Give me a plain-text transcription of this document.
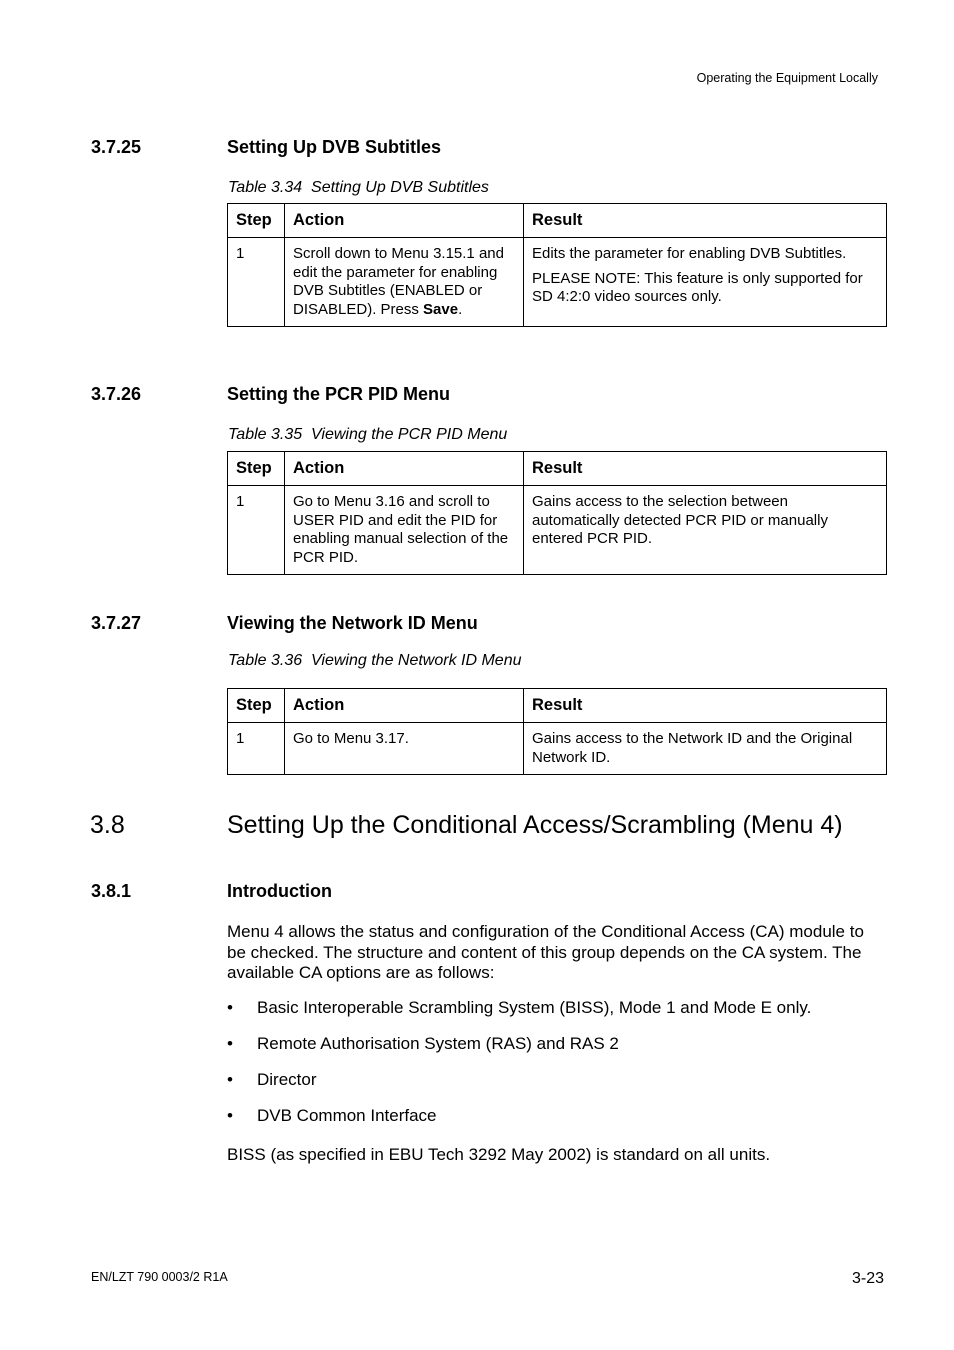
Operating the Equipment Locally
3.7.25	Setting Up DVB Subtitles
Table 3.34 Setting Up DVB Subtitles
Step	Action	Result
1	Scroll down to Menu 3.15.1 and edit the parameter for enabling DVB Subtitles (ENABLED or DISABLED). Press Save.	Edits the parameter for enabling DVB Subtitles.

PLEASE NOTE: This feature is only supported for SD 4:2:0 video sources only.

3.7.26	Setting the PCR PID Menu
Table 3.35 Viewing the PCR PID Menu
Step	Action	Result
1	Go to Menu 3.16 and scroll to USER PID and edit the PID for enabling manual selection of the PCR PID.	Gains access to the selection between automatically detected PCR PID or manually entered PCR PID.
3.7.27	Viewing the Network ID Menu
Table 3.36 Viewing the Network ID Menu
Step	Action	Result
1	Go to Menu 3.17.	Gains access to the Network ID and the Original Network ID.
3.8	Setting Up the Conditional Access/Scrambling (Menu 4)
3.8.1	Introduction
Menu 4 allows the status and configuration of the Conditional Access (CA) module to be checked. The structure and content of this group depends on the CA system. The available CA options are as follows:
• Basic Interoperable Scrambling System (BISS), Mode 1 and Mode E only.
• Remote Authorisation System (RAS) and RAS 2
• Director
• DVB Common Interface
BISS (as specified in EBU Tech 3292 May 2002) is standard on all units.
EN/LZT 790 0003/2 R1A	3-23
